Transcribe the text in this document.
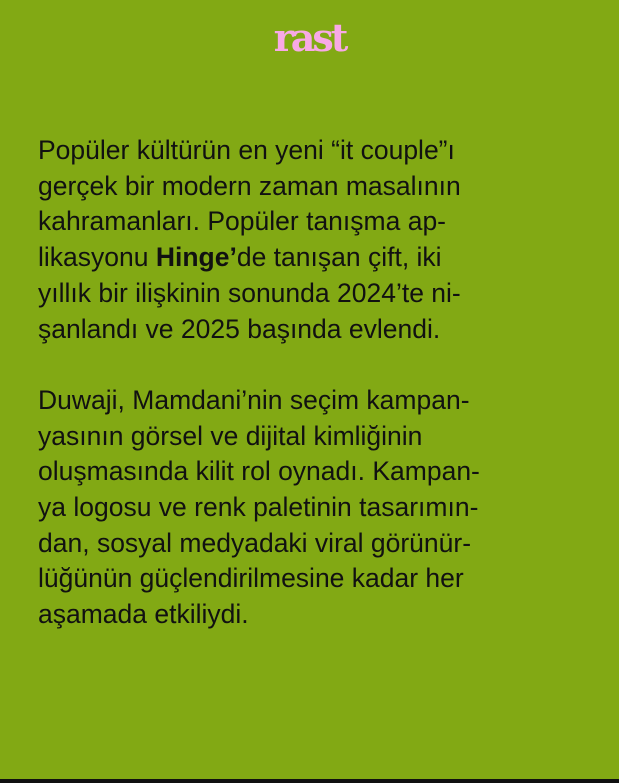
rast
Popüler kültürün en yeni “it couple”ı
gerçek bir modern zaman masalının
kahramanları. Popüler tanışma ap-
likasyonu Hinge’de tanışan çift, iki
yıllık bir ilişkinin sonunda 2024’te ni-
şanlandı ve 2025 başında evlendi.
Duwaji, Mamdani’nin seçim kampan-
yasının görsel ve dijital kimliğinin
oluşmasında kilit rol oynadı. Kampan-
ya logosu ve renk paletinin tasarımın-
dan, sosyal medyadaki viral görünür-
lüğünün güçlendirilmesine kadar her
aşamada etkiliydi.
